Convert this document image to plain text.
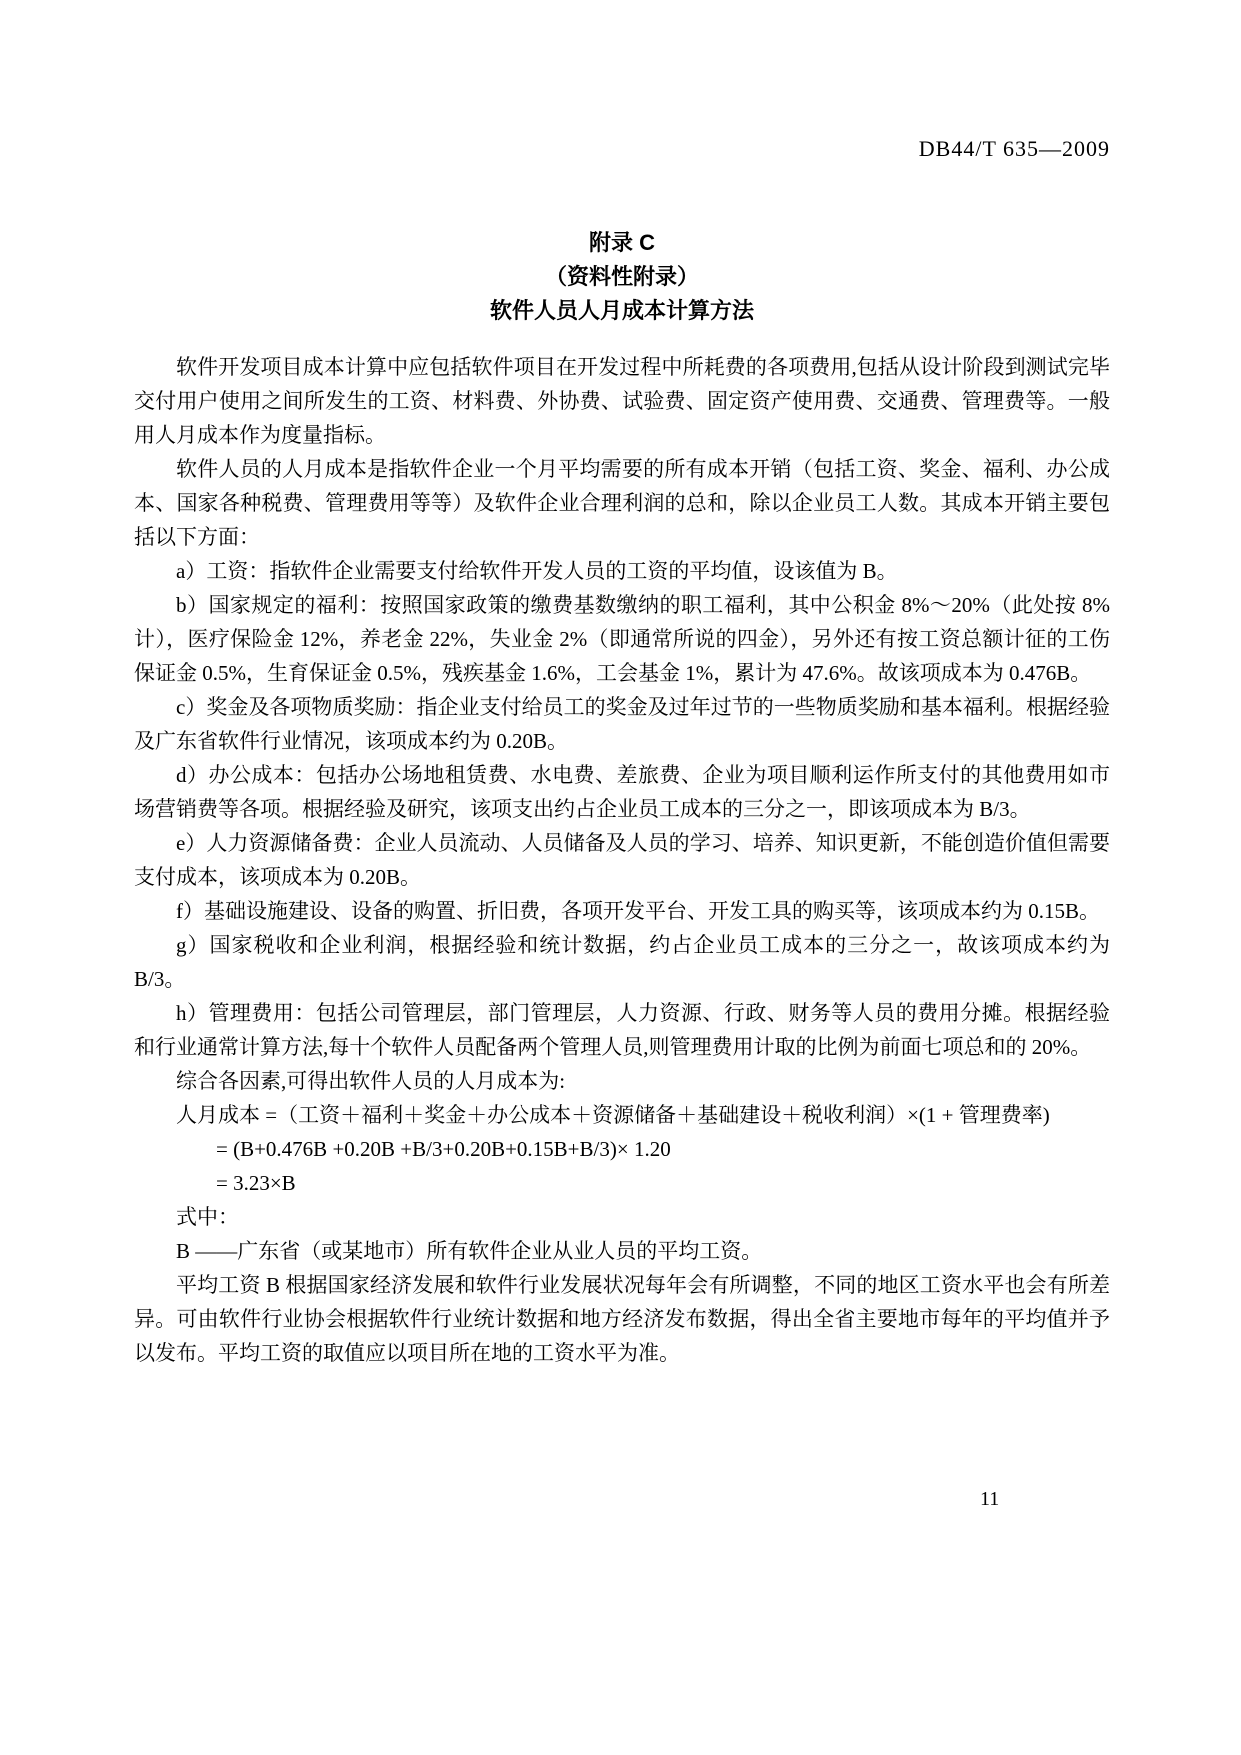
DB44/T 635—2009
附录 C
（资料性附录）
软件人员人月成本计算方法

软件开发项目成本计算中应包括软件项目在开发过程中所耗费的各项费用,包括从设计阶段到测试完毕交付用户使用之间所发生的工资、材料费、外协费、试验费、固定资产使用费、交通费、管理费等。一般用人月成本作为度量指标。

软件人员的人月成本是指软件企业一个月平均需要的所有成本开销（包括工资、奖金、福利、办公成本、国家各种税费、管理费用等等）及软件企业合理利润的总和，除以企业员工人数。其成本开销主要包括以下方面：

a）工资：指软件企业需要支付给软件开发人员的工资的平均值，设该值为 B。

b）国家规定的福利：按照国家政策的缴费基数缴纳的职工福利，其中公积金 8%～20%（此处按 8%计），医疗保险金 12%，养老金 22%，失业金 2%（即通常所说的四金），另外还有按工资总额计征的工伤保证金 0.5%，生育保证金 0.5%，残疾基金 1.6%，工会基金 1%，累计为 47.6%。故该项成本为 0.476B。

c）奖金及各项物质奖励：指企业支付给员工的奖金及过年过节的一些物质奖励和基本福利。根据经验及广东省软件行业情况，该项成本约为 0.20B。

d）办公成本：包括办公场地租赁费、水电费、差旅费、企业为项目顺利运作所支付的其他费用如市场营销费等各项。根据经验及研究，该项支出约占企业员工成本的三分之一，即该项成本为 B/3。

e）人力资源储备费：企业人员流动、人员储备及人员的学习、培养、知识更新，不能创造价值但需要支付成本，该项成本为 0.20B。

f）基础设施建设、设备的购置、折旧费，各项开发平台、开发工具的购买等，该项成本约为 0.15B。

g）国家税收和企业利润，根据经验和统计数据，约占企业员工成本的三分之一，故该项成本约为 B/3。

h）管理费用：包括公司管理层，部门管理层，人力资源、行政、财务等人员的费用分摊。根据经验和行业通常计算方法,每十个软件人员配备两个管理人员,则管理费用计取的比例为前面七项总和的 20%。

综合各因素,可得出软件人员的人月成本为:

人月成本 =（工资＋福利＋奖金＋办公成本＋资源储备＋基础建设＋税收利润）×(1 + 管理费率)

= (B+0.476B +0.20B +B/3+0.20B+0.15B+B/3)× 1.20

= 3.23×B

式中：

B ——广东省（或某地市）所有软件企业从业人员的平均工资。

平均工资 B 根据国家经济发展和软件行业发展状况每年会有所调整，不同的地区工资水平也会有所差异。可由软件行业协会根据软件行业统计数据和地方经济发布数据，得出全省主要地市每年的平均值并予以发布。平均工资的取值应以项目所在地的工资水平为准。

11
